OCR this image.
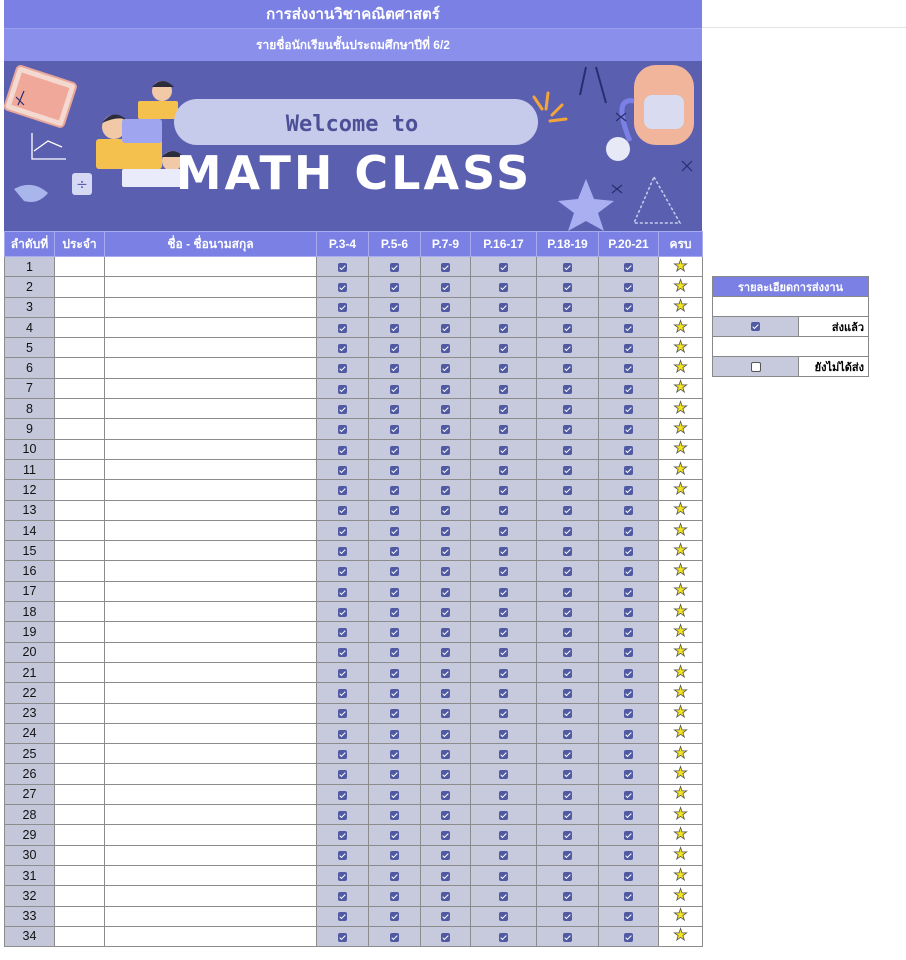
การส่งงานวิชาคณิตศาสตร์
รายชื่อนักเรียนชั้นประถมศึกษาปีที่ 6/2
÷
Welcome to
MATH CLASS
ลำดับที่	ประจำ	ชื่อ - ชื่อนามสกุล	P.3-4	P.5-6	P.7-9	P.16-17	P.18-19	P.20-21	ครบ
1									★
2									★
3									★
4									★
5									★
6									★
7									★
8									★
9									★
10									★
11									★
12									★
13									★
14									★
15									★
16									★
17									★
18									★
19									★
20									★
21									★
22									★
23									★
24									★
25									★
26									★
27									★
28									★
29									★
30									★
31									★
32									★
33									★
34									★
รายละเอียดการส่งงาน	

	ส่งแล้ว

	ยังไม่ได้ส่ง
